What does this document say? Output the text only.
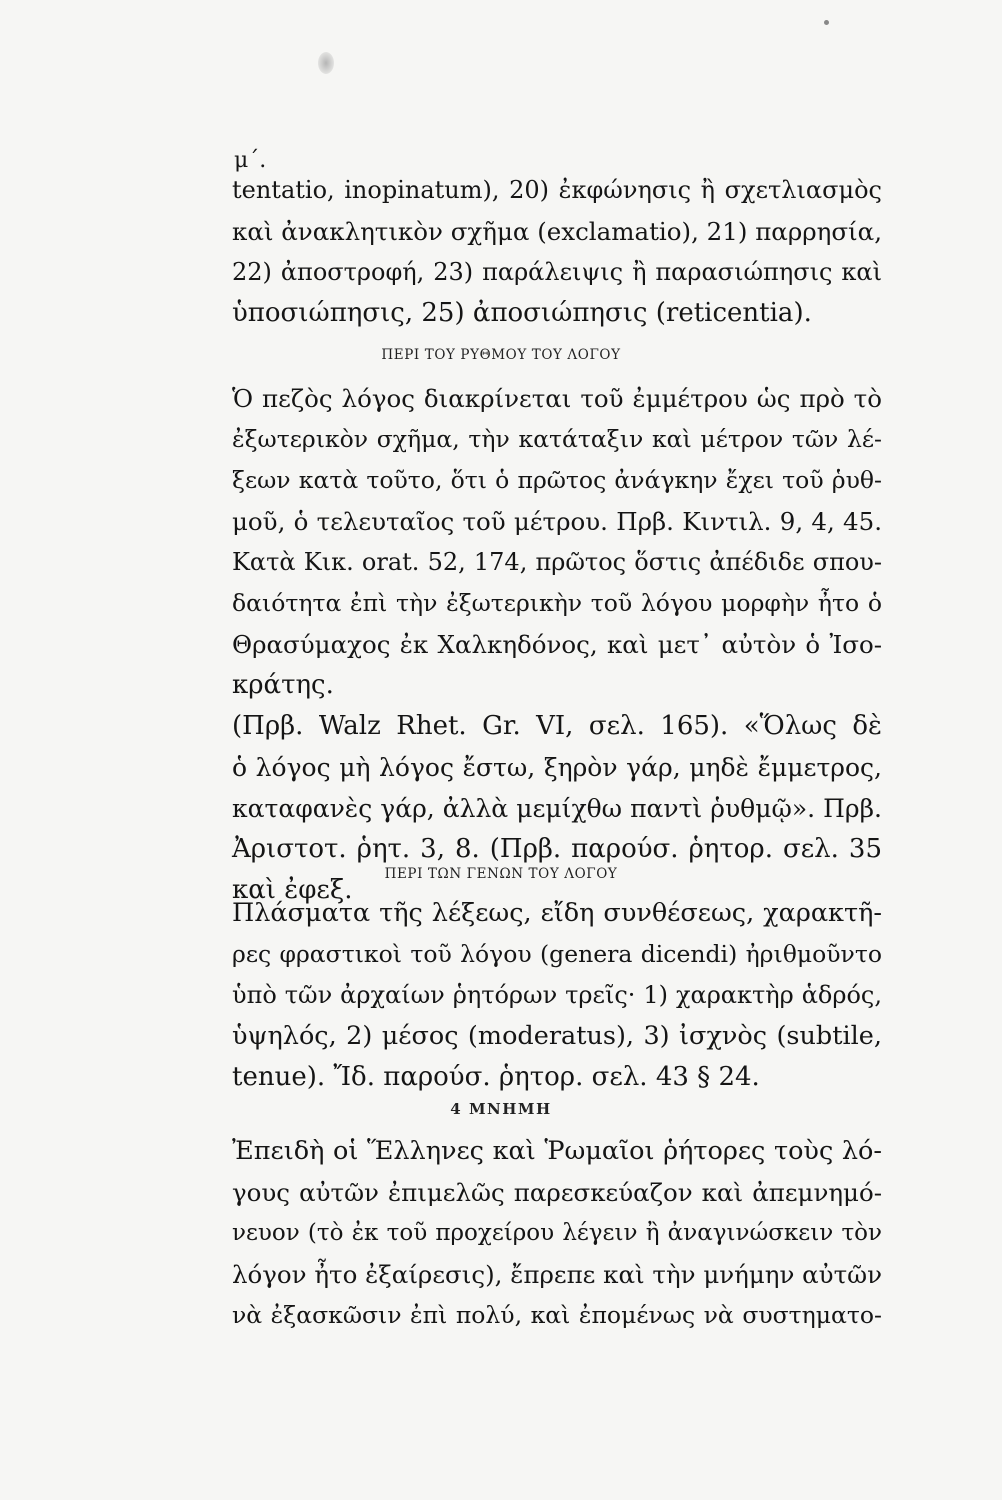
μ΄.
tentatio, inopinatum), 20) ἐκφώνησις ἢ σχετλιασμὸς
καὶ ἀνακλητικὸν σχῆμα (exclamatio), 21) παρρησία,
22) ἀποστροφή, 23) παράλειψις ἢ παρασιώπησις καὶ
ὑποσιώπησις, 25) ἀποσιώπησις (reticentia).
ΠΕΡΙ ΤΟΥ ΡΥΘΜΟΥ ΤΟΥ ΛΟΓΟΥ
Ὁ πεζὸς λόγος διακρίνεται τοῦ ἐμμέτρου ὡς πρὸ τὸ
ἐξωτερικὸν σχῆμα, τὴν κατάταξιν καὶ μέτρον τῶν λέ-
ξεων κατὰ τοῦτο, ὅτι ὁ πρῶτος ἀνάγκην ἔχει τοῦ ῥυθ-
μοῦ, ὁ τελευταῖος τοῦ μέτρου. Πρβ. Κιντιλ. 9, 4, 45.
Κατὰ Κικ. orat. 52, 174, πρῶτος ὅστις ἀπέδιδε σπου-
δαιότητα ἐπὶ τὴν ἐξωτερικὴν τοῦ λόγου μορφὴν ἦτο ὁ
Θρασύμαχος ἐκ Χαλκηδόνος, καὶ μετ᾽ αὐτὸν ὁ Ἰσο-
κράτης.
(Πρβ. Walz Rhet. Gr. VI, σελ. 165). «Ὅλως δὲ
ὁ λόγος μὴ λόγος ἔστω, ξηρὸν γάρ, μηδὲ ἔμμετρος,
καταφανὲς γάρ, ἀλλὰ μεμίχθω παντὶ ῥυθμῷ». Πρβ.
Ἀριστοτ. ῥητ. 3, 8. (Πρβ. παρούσ. ῥητορ. σελ. 35
καὶ ἐφεξ.
ΠΕΡΙ ΤΩΝ ΓΕΝΩΝ ΤΟΥ ΛΟΓΟΥ
Πλάσματα τῆς λέξεως, εἴδη συνθέσεως, χαρακτῆ-
ρες φραστικοὶ τοῦ λόγου (genera dicendi) ἠριθμοῦντο
ὑπὸ τῶν ἀρχαίων ῥητόρων τρεῖς· 1) χαρακτὴρ ἁδρός,
ὑψηλός, 2) μέσος (moderatus), 3) ἰσχνὸς (subtile,
tenue). Ἴδ. παρούσ. ῥητορ. σελ. 43 § 24.
4 ΜΝΗΜΗ
Ἐπειδὴ οἱ Ἕλληνες καὶ Ῥωμαῖοι ῥήτορες τοὺς λό-
γους αὐτῶν ἐπιμελῶς παρεσκεύαζον καὶ ἀπεμνημό-
νευον (τὸ ἐκ τοῦ προχείρου λέγειν ἢ ἀναγινώσκειν τὸν
λόγον ἦτο ἐξαίρεσις), ἔπρεπε καὶ τὴν μνήμην αὐτῶν
νὰ ἐξασκῶσιν ἐπὶ πολύ, καὶ ἐπομένως νὰ συστηματο-
